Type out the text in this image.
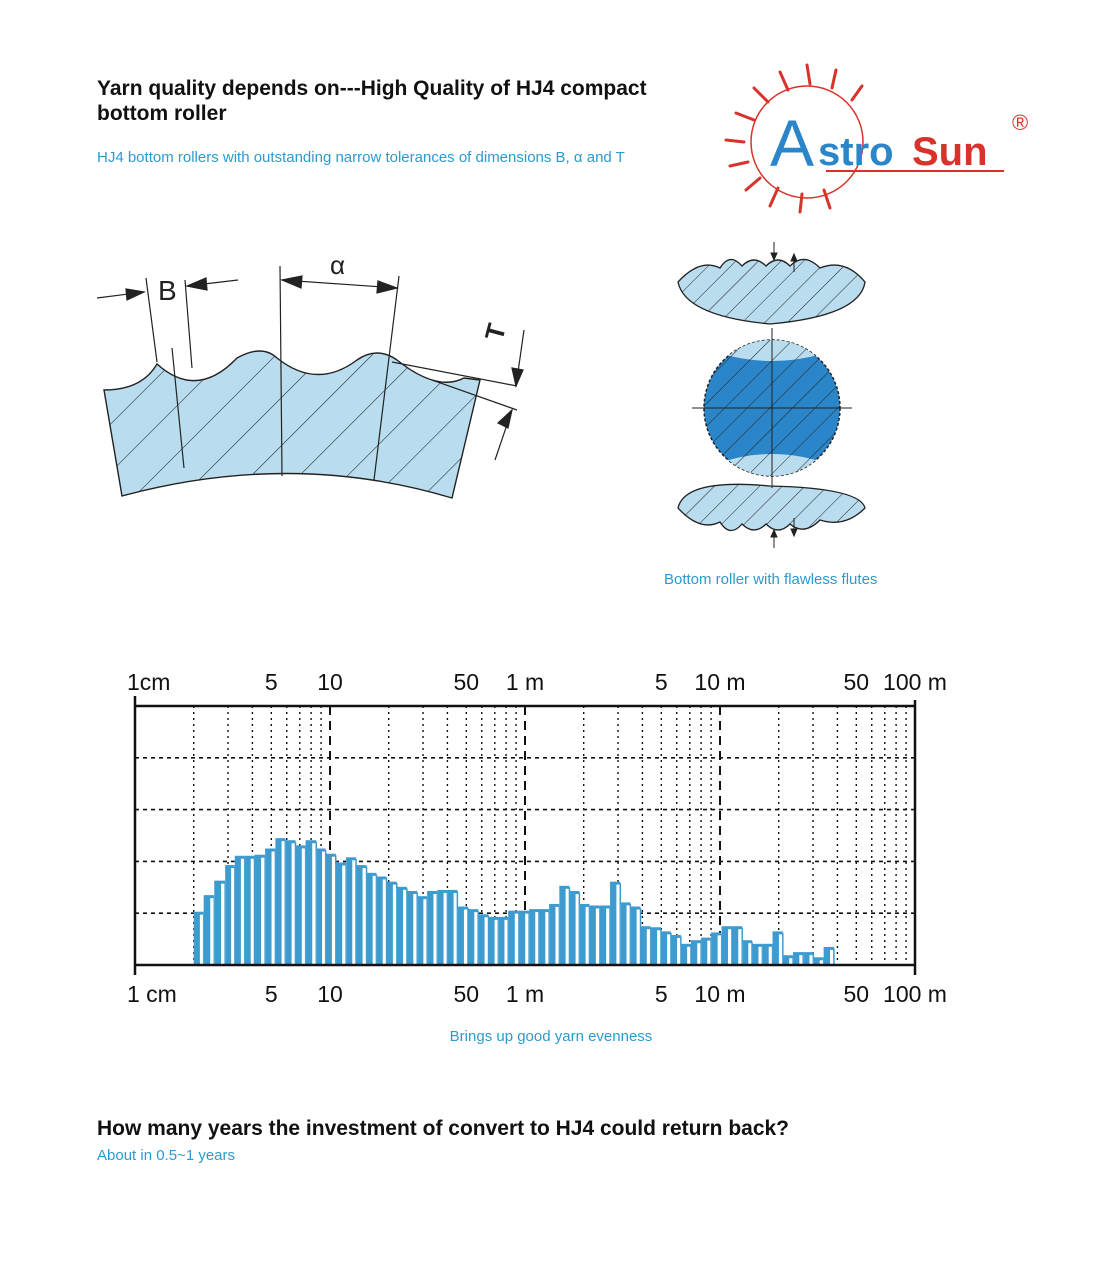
Yarn quality depends on---High Quality of HJ4 compact bottom roller
HJ4 bottom rollers with outstanding narrow tolerances of dimensions B, α and T A stro Sun
®
B
α
T
Bottom roller with flawless flutes
1cm	5 10	50 1 m	5 10 m	50 100 m
1 cm	5 10	50 1 m	5 10 m	50 100 m
Brings up good yarn evenness
How many years the investment of convert to HJ4 could return back?
About in 0.5~1 years
